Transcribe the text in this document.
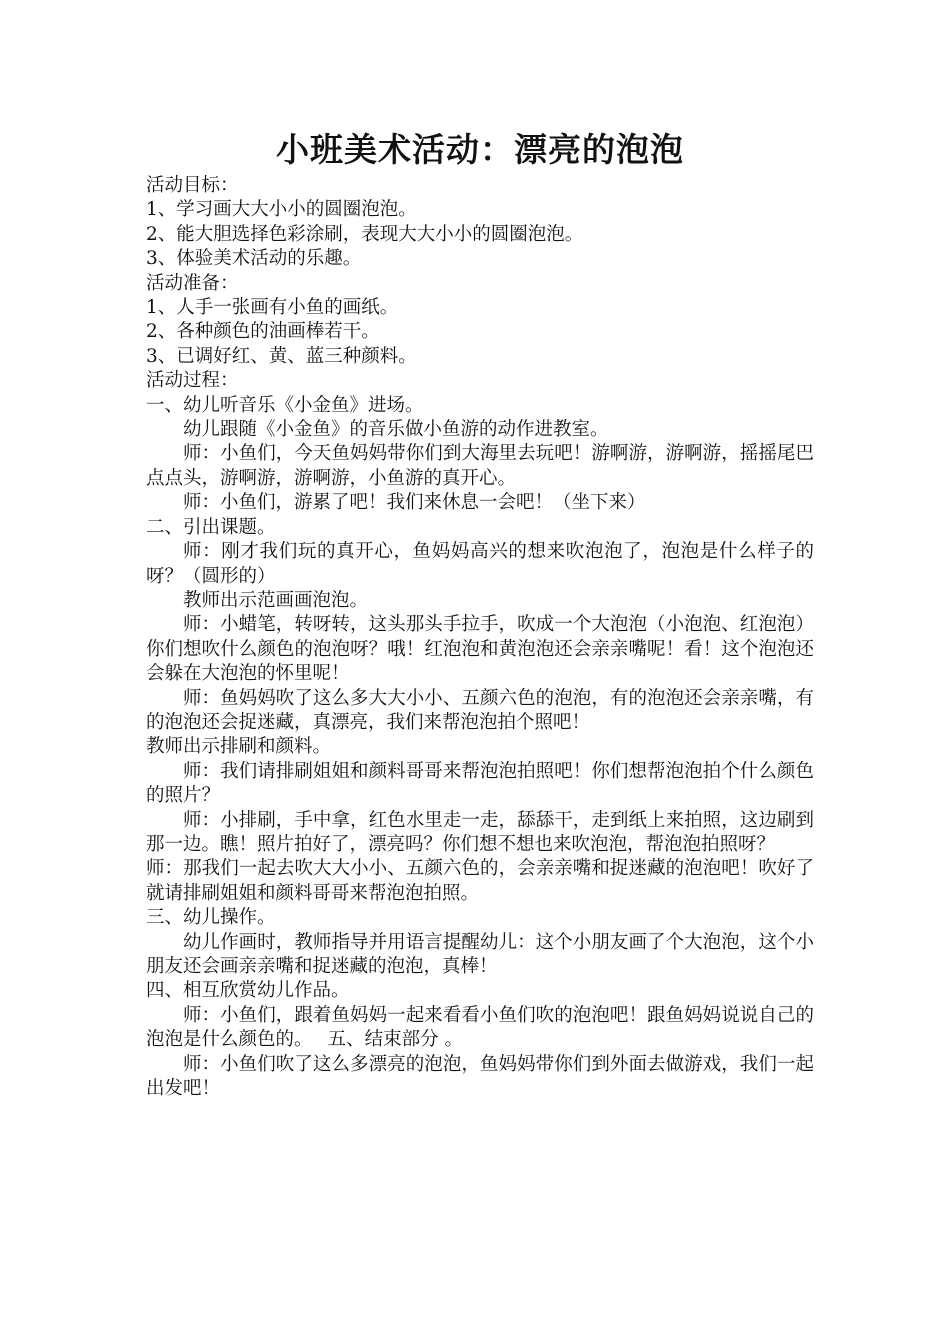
小班美术活动：漂亮的泡泡

活动目标：

1、学习画大大小小的圆圈泡泡。

2、能大胆选择色彩涂刷，表现大大小小的圆圈泡泡。

3、体验美术活动的乐趣。

活动准备：

1、人手一张画有小鱼的画纸。

2、各种颜色的油画棒若干。

3、已调好红、黄、蓝三种颜料。

活动过程：

一、幼儿听音乐《小金鱼》进场。

幼儿跟随《小金鱼》的音乐做小鱼游的动作进教室。

师：小鱼们，今天鱼妈妈带你们到大海里去玩吧！游啊游，游啊游，摇摇尾巴点点头，游啊游，游啊游，小鱼游的真开心。

师：小鱼们，游累了吧！我们来休息一会吧！（坐下来）

二、引出课题。

师：刚才我们玩的真开心，鱼妈妈高兴的想来吹泡泡了，泡泡是什么样子的呀？（圆形的）

教师出示范画画泡泡。

师：小蜡笔，转呀转，这头那头手拉手，吹成一个大泡泡（小泡泡、红泡泡）你们想吹什么颜色的泡泡呀？哦！红泡泡和黄泡泡还会亲亲嘴呢！看！这个泡泡还会躲在大泡泡的怀里呢！

师：鱼妈妈吹了这么多大大小小、五颜六色的泡泡，有的泡泡还会亲亲嘴，有的泡泡还会捉迷藏，真漂亮，我们来帮泡泡拍个照吧！

教师出示排刷和颜料。

师：我们请排刷姐姐和颜料哥哥来帮泡泡拍照吧！你们想帮泡泡拍个什么颜色的照片？

师：小排刷，手中拿，红色水里走一走，舔舔干，走到纸上来拍照，这边刷到那一边。瞧！照片拍好了，漂亮吗？你们想不想也来吹泡泡，帮泡泡拍照呀？

师：那我们一起去吹大大小小、五颜六色的，会亲亲嘴和捉迷藏的泡泡吧！吹好了就请排刷姐姐和颜料哥哥来帮泡泡拍照。

三、幼儿操作。

幼儿作画时，教师指导并用语言提醒幼儿：这个小朋友画了个大泡泡，这个小朋友还会画亲亲嘴和捉迷藏的泡泡，真棒！

四、相互欣赏幼儿作品。

师：小鱼们，跟着鱼妈妈一起来看看小鱼们吹的泡泡吧！跟鱼妈妈说说自己的泡泡是什么颜色的。　 五、结束部分 。

师：小鱼们吹了这么多漂亮的泡泡，鱼妈妈带你们到外面去做游戏，我们一起出发吧！
